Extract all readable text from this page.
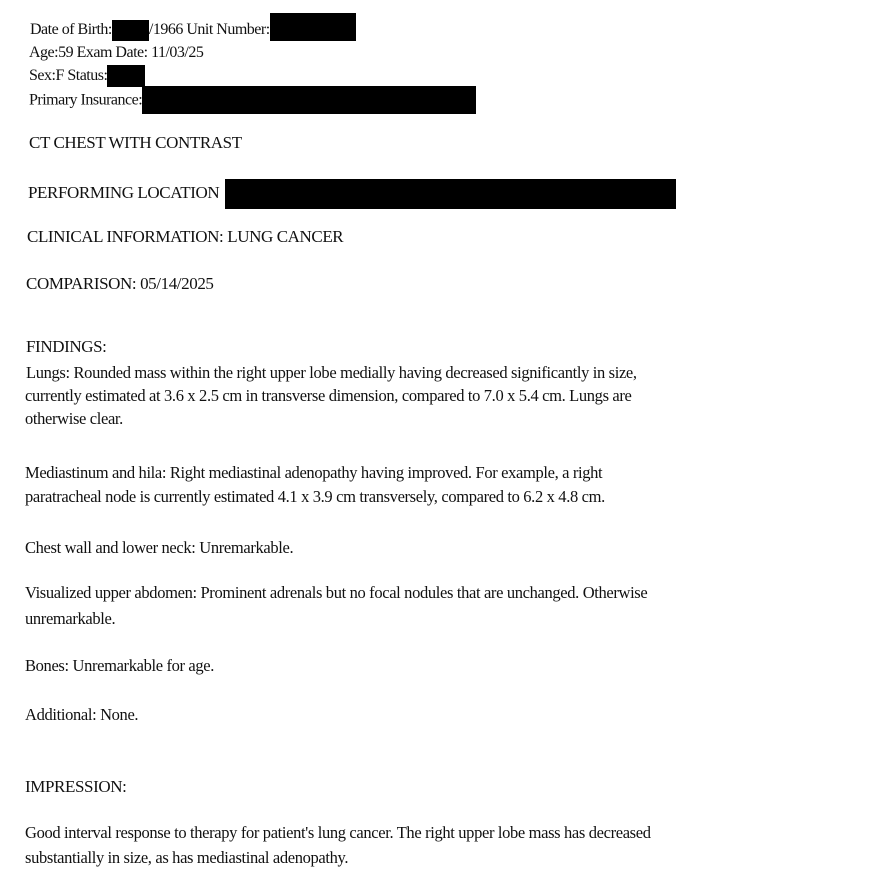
Date of Birth: /1966 Unit Number:
Age:59 Exam Date: 11/03/25
Sex:F Status:
Primary Insurance:
CT CHEST WITH CONTRAST
PERFORMING LOCATION
CLINICAL INFORMATION: LUNG CANCER
COMPARISON: 05/14/2025
FINDINGS:
Lungs: Rounded mass within the right upper lobe medially having decreased significantly in size,
currently estimated at 3.6 x 2.5 cm in transverse dimension, compared to 7.0 x 5.4 cm. Lungs are
otherwise clear.
Mediastinum and hila: Right mediastinal adenopathy having improved. For example, a right
paratracheal node is currently estimated 4.1 x 3.9 cm transversely, compared to 6.2 x 4.8 cm.
Chest wall and lower neck: Unremarkable.
Visualized upper abdomen: Prominent adrenals but no focal nodules that are unchanged. Otherwise
unremarkable.
Bones: Unremarkable for age.
Additional: None.
IMPRESSION:
Good interval response to therapy for patient's lung cancer. The right upper lobe mass has decreased
substantially in size, as has mediastinal adenopathy.
